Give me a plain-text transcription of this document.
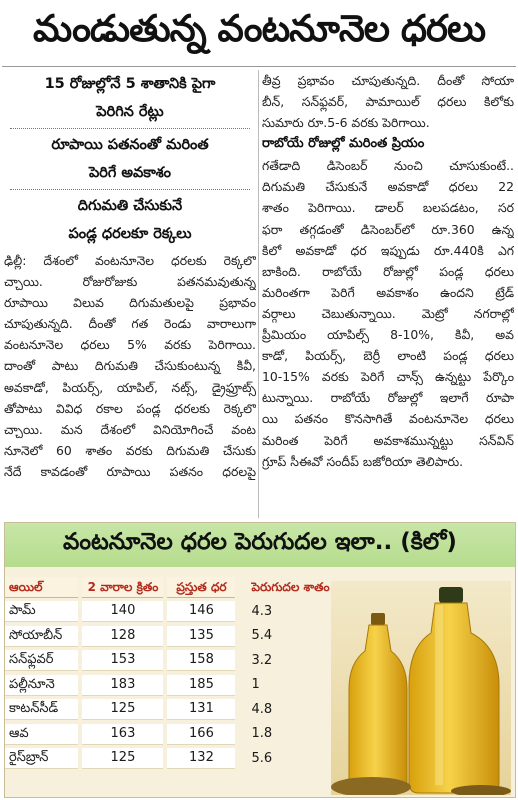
మండుతున్న వంటనూనెల ధరలు
15 రోజుల్లోనే 5 శాతానికి పైగా
పెరిగిన రేట్లు
రూపాయి పతనంతో మరింత
పెరిగే అవకాశం
దిగుమతి చేసుకునే
పండ్ల ధరలకూ రెక్కలు
ఢిల్లీ: దేశంలో వంటనూనెల ధరలకు రెక్కలొ
చ్చాయి. రోజురోజుకు పతనమవుతున్న
రూపాయి విలువ దిగుమతులపై ప్రభావం
చూపుతున్నది. దీంతో గత రెండు వారాలుగా
వంటనూనెల ధరలు 5% వరకు పెరిగాయి.
దాంతో పాటు దిగుమతి చేసుకుంటున్న కివీ,
అవకాడో, పియర్స్, యాపిల్, నట్స్, డ్రైఫ్రూట్స్
తోపాటు వివిధ రకాల పండ్ల ధరలకు రెక్కలొ
చ్చాయి. మన దేశంలో వినియోగించే వంట
నూనెలో 60 శాతం వరకు దిగుమతి చేసుకు
నేదే కావడంతో రూపాయి పతనం ధరలపై
తీవ్ర ప్రభావం చూపుతున్నది. దీంతో సోయా
బీన్, సన్‌ఫ్లవర్, పామాయిల్ ధరలు కిలోకు
సుమారు రూ.5-6 వరకు పెరిగాయి.
రాబోయే రోజుల్లో మరింత ప్రియం
గతేడాది డిసెంబర్ నుంచి చూసుకుంటే..
దిగుమతి చేసుకునే అవకాడో ధరలు 22
శాతం పెరిగాయి. డాలర్ బలపడటం, సర
ఫరా తగ్గడంతో డిసెంబర్‌లో రూ.360 ఉన్న
కిలో అవకాడో ధర ఇప్పుడు రూ.440కి ఎగ
బాకింది. రాబోయే రోజుల్లో పండ్ల ధరలు
మరింతగా పెరిగే అవకాశం ఉందని ట్రేడ్
వర్గాలు చెబుతున్నాయి. మెట్రో నగరాల్లో
ప్రీమియం యాపిల్స్ 8-10%, కివీ, అవ
కాడో, పియర్స్, బెర్రీ లాంటి పండ్ల ధరలు
10-15% వరకు పెరిగే చాన్స్ ఉన్నట్టు పేర్కొం
టున్నాయి. రాబోయే రోజుల్లో ఇలాగే రూపా
యి పతనం కొనసాగితే వంటనూనెల ధరలు
మరింత పెరిగే అవకాశమున్నట్టు సన్‌విన్
గ్రూప్ సీఈవో సందీప్ బజోరియా తెలిపారు.
వంటనూనెల ధరల పెరుగుదల ఇలా.. (కిలో)
ఆయిల్	2 వారాల క్రితం	ప్రస్తుత ధర	పెరుగుదల శాతం
పామ్	140	146	4.3
సోయాబీన్	128	135	5.4
సన్‌ఫ్లవర్	153	158	3.2
పల్లీనూనె	183	185	1
కాటన్‌సీడ్	125	131	4.8
ఆవ	163	166	1.8
రైస్‌బ్రాన్	125	132	5.6
